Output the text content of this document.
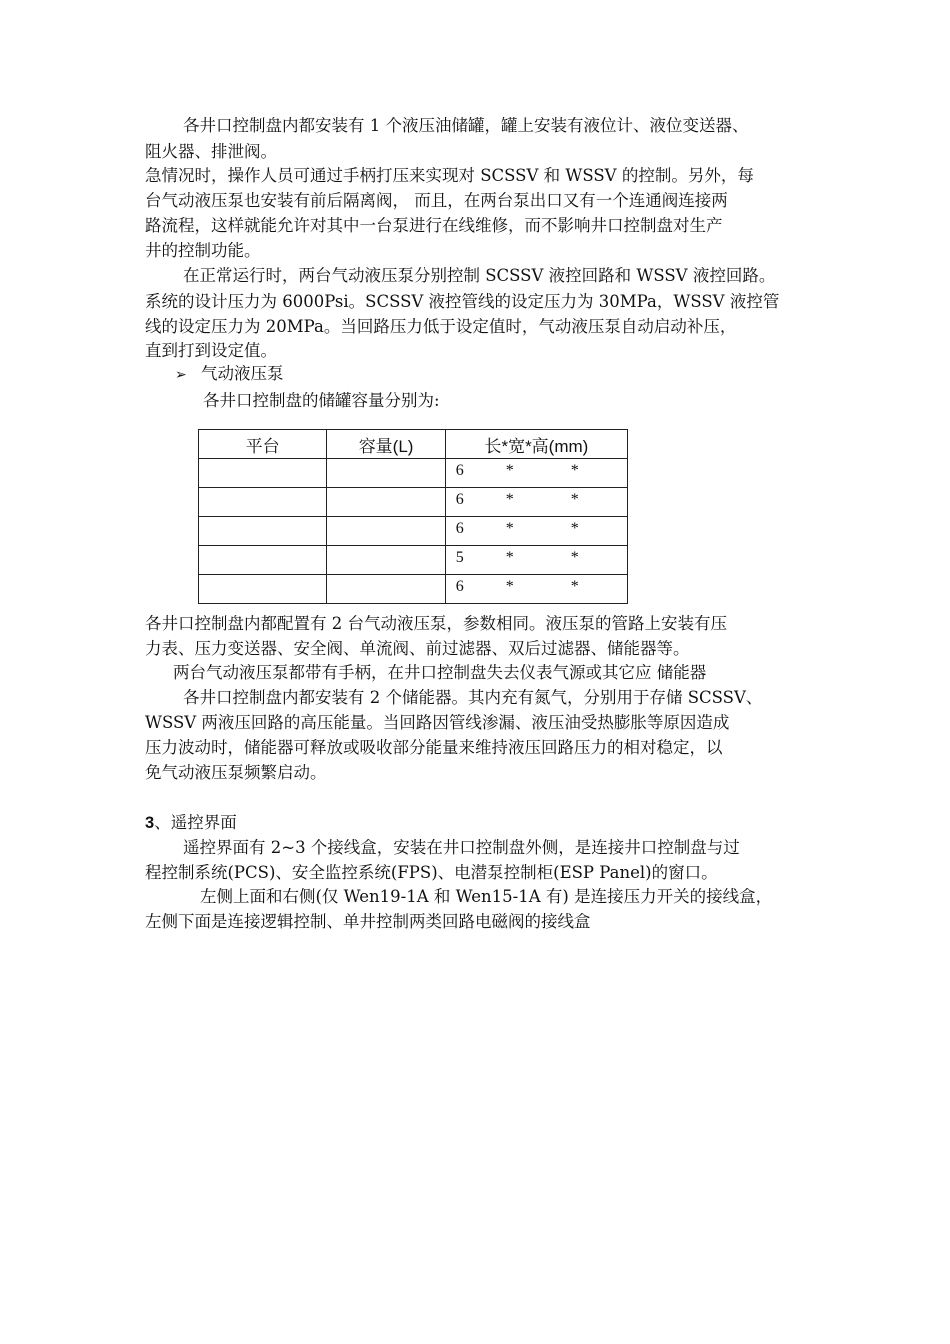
各井口控制盘内都安装有 1 个液压油储罐，罐上安装有液位计、液位变送器、
阻火器、排泄阀。
急情况时，操作人员可通过手柄打压来实现对 SCSSV 和 WSSV 的控制。另外，每
台气动液压泵也安装有前后隔离阀， 而且，在两台泵出口又有一个连通阀连接两
路流程，这样就能允许对其中一台泵进行在线维修，而不影响井口控制盘对生产
井的控制功能。
在正常运行时，两台气动液压泵分别控制 SCSSV 液控回路和 WSSV 液控回路。
系统的设计压力为 6000Psi。SCSSV 液控管线的设定压力为 30MPa，WSSV 液控管
线的设定压力为 20MPa。当回路压力低于设定值时，气动液压泵自动启动补压，
直到打到设定值。
➢ 气动液压泵
各井口控制盘的储罐容量分别为:
平台	容量(L)	长*宽*高(mm)

		6 * *

		6 * *

		6 * *

		5 * *

		6 * *
各井口控制盘内都配置有 2 台气动液压泵，参数相同。液压泵的管路上安装有压
力表、压力变送器、安全阀、单流阀、前过滤器、双后过滤器、储能器等。
两台气动液压泵都带有手柄，在井口控制盘失去仪表气源或其它应 储能器
各井口控制盘内都安装有 2 个储能器。其内充有氮气，分别用于存储 SCSSV、
WSSV 两液压回路的高压能量。当回路因管线渗漏、液压油受热膨胀等原因造成
压力波动时，储能器可释放或吸收部分能量来维持液压回路压力的相对稳定，以
免气动液压泵频繁启动。
3、遥控界面
遥控界面有 2~3 个接线盒，安装在井口控制盘外侧，是连接井口控制盘与过
程控制系统(PCS)、安全监控系统(FPS)、电潜泵控制柜(ESP Panel)的窗口。
左侧上面和右侧(仅 Wen19-1A 和 Wen15-1A 有) 是连接压力开关的接线盒，
左侧下面是连接逻辑控制、单井控制两类回路电磁阀的接线盒
